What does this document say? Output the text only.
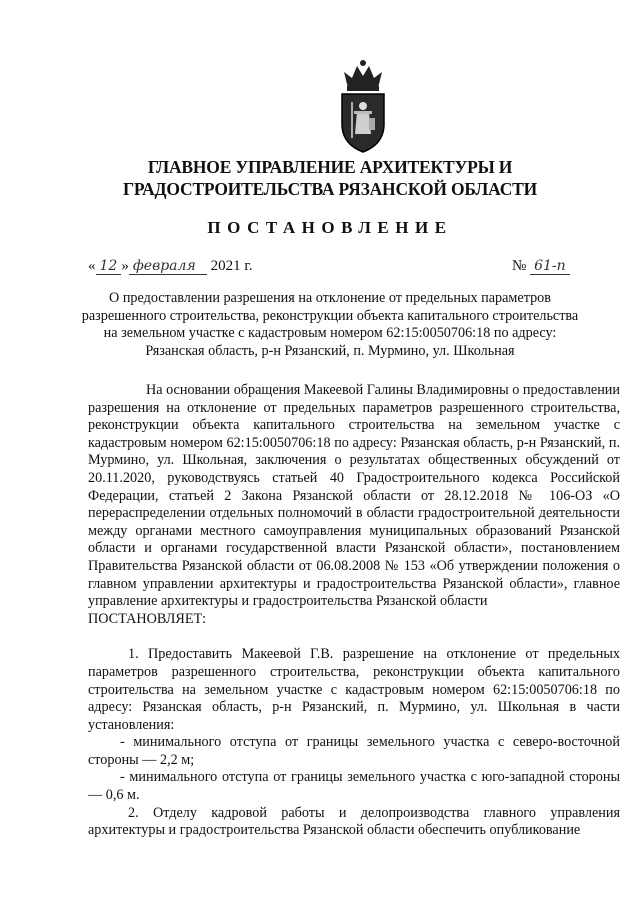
ГЛАВНОЕ УПРАВЛЕНИЕ АРХИТЕКТУРЫ И ГРАДОСТРОИТЕЛЬСТВА РЯЗАНСКОЙ ОБЛАСТИ
ПОСТАНОВЛЕНИЕ
« 12 » февраля 2021 г.	№ 61-п
О предоставлении разрешения на отклонение от предельных параметров разрешенного строительства, реконструкции объекта капитального строительства на земельном участке с кадастровым номером 62:15:0050706:18 по адресу: Рязанская область, р-н Рязанский, п. Мурмино, ул. Школьная

На основании обращения Макеевой Галины Владимировны о предоставлении разрешения на отклонение от предельных параметров разрешенного строительства, реконструкции объекта капитального строительства на земельном участке с кадастровым номером 62:15:0050706:18 по адресу: Рязанская область, р-н Рязанский, п. Мурмино, ул. Школьная, заключения о результатах общественных обсуждений от 20.11.2020, руководствуясь статьей 40 Градостроительного кодекса Российской Федерации, статьей 2 Закона Рязанской области от 28.12.2018 № 106-ОЗ «О перераспределении отдельных полномочий в области градостроительной деятельности между органами местного самоуправления муниципальных образований Рязанской области и органами государственной власти Рязанской области», постановлением Правительства Рязанской области от 06.08.2008 № 153 «Об утверждении положения о главном управлении архитектуры и градостроительства Рязанской области», главное управление архитектуры и градостроительства Рязанской области

ПОСТАНОВЛЯЕТ:

1. Предоставить Макеевой Г.В. разрешение на отклонение от предельных параметров разрешенного строительства, реконструкции объекта капитального строительства на земельном участке с кадастровым номером 62:15:0050706:18 по адресу: Рязанская область, р-н Рязанский, п. Мурмино, ул. Школьная в части установления:

- минимального отступа от границы земельного участка с северо-восточной стороны — 2,2 м;

- минимального отступа от границы земельного участка с юго-западной стороны — 0,6 м.

2. Отделу кадровой работы и делопроизводства главного управления архитектуры и градостроительства Рязанской области обеспечить опубликование
